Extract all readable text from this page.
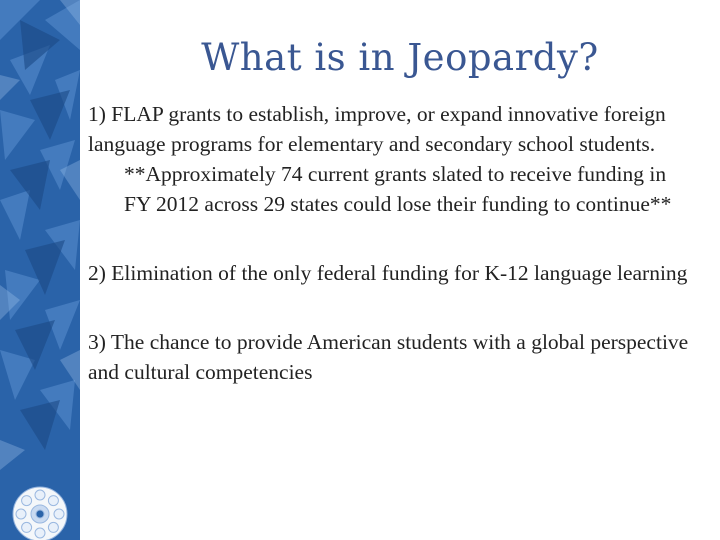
What is in Jeopardy?

1) FLAP grants to establish, improve, or expand innovative foreign language programs for elementary and secondary school students.

**Approximately 74 current grants slated to receive funding in FY 2012 across 29 states could lose their funding to continue**

2) Elimination of the only federal funding for K-12 language learning

3) The chance to provide American students with a global perspective and cultural competencies
